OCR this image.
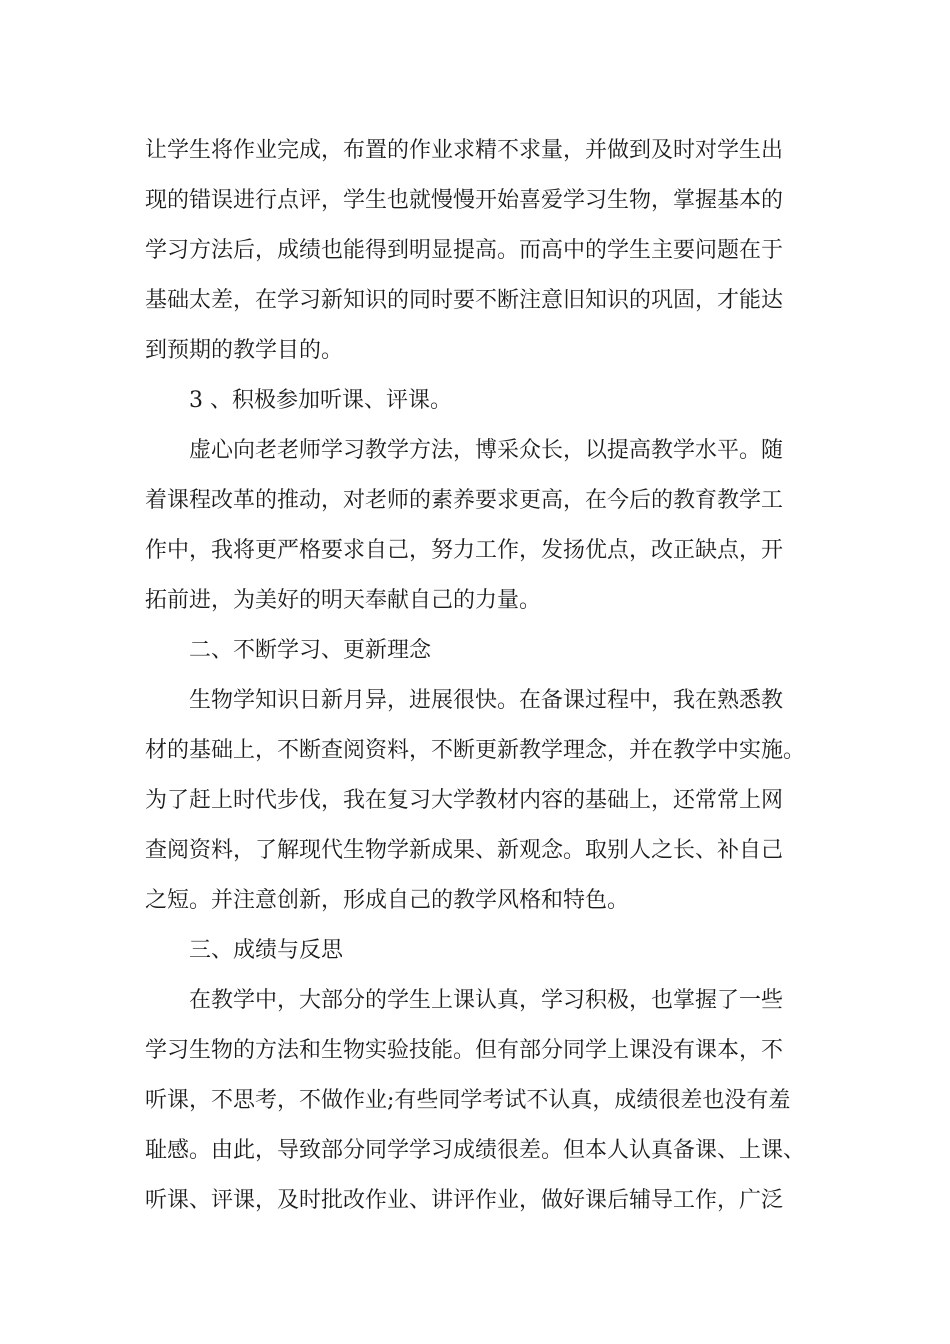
让学生将作业完成，布置的作业求精不求量，并做到及时对学生出
现的错误进行点评，学生也就慢慢开始喜爱学习生物，掌握基本的
学习方法后，成绩也能得到明显提高。而高中的学生主要问题在于
基础太差，在学习新知识的同时要不断注意旧知识的巩固，才能达
到预期的教学目的。
3 、积极参加听课、评课。
虚心向老老师学习教学方法，博采众长，以提高教学水平。随
着课程改革的推动，对老师的素养要求更高，在今后的教育教学工
作中，我将更严格要求自己，努力工作，发扬优点，改正缺点，开
拓前进，为美好的明天奉献自己的力量。
二、不断学习、更新理念
生物学知识日新月异，进展很快。在备课过程中，我在熟悉教
材的基础上，不断查阅资料，不断更新教学理念，并在教学中实施。
为了赶上时代步伐，我在复习大学教材内容的基础上，还常常上网
查阅资料，了解现代生物学新成果、新观念。取别人之长、补自己
之短。并注意创新，形成自己的教学风格和特色。
三、成绩与反思
在教学中，大部分的学生上课认真，学习积极，也掌握了一些
学习生物的方法和生物实验技能。但有部分同学上课没有课本，不
听课，不思考，不做作业;有些同学考试不认真，成绩很差也没有羞
耻感。由此，导致部分同学学习成绩很差。但本人认真备课、上课、
听课、评课，及时批改作业、讲评作业，做好课后辅导工作，广泛
